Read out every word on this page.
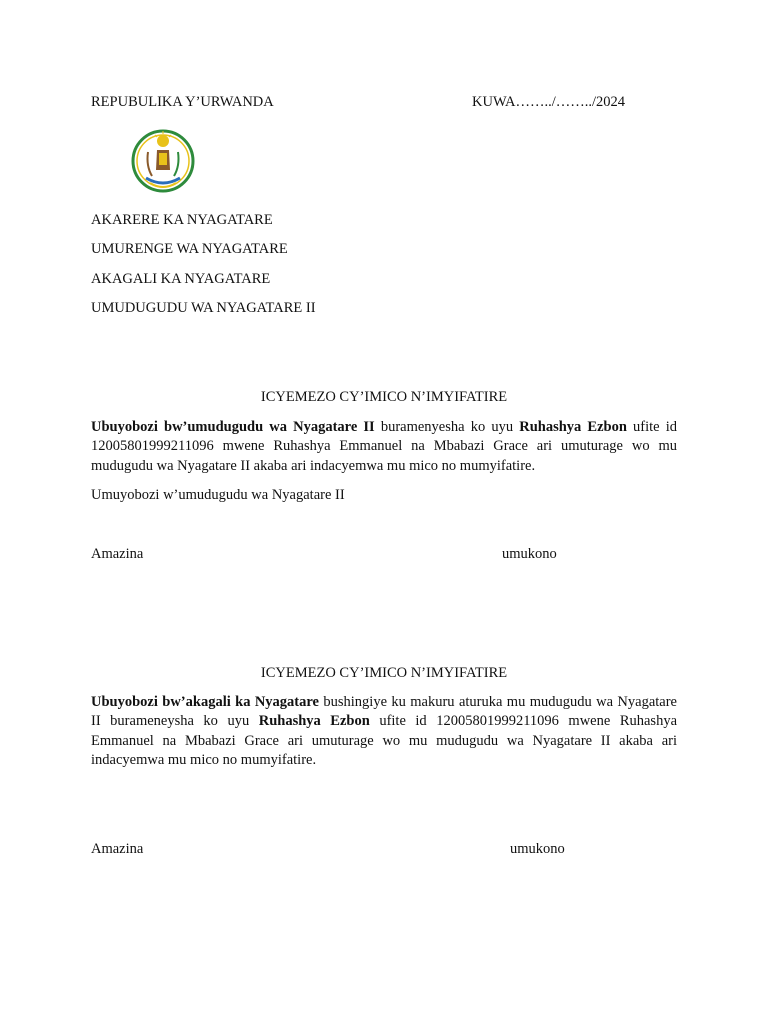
REPUBULIKA Y’URWANDA	KUWA……../……../2024
AKARERE KA NYAGATARE
UMURENGE WA NYAGATARE
AKAGALI KA NYAGATARE
UMUDUGUDU WA NYAGATARE II
ICYEMEZO CY’IMICO N’IMYIFATIRE
Ubuyobozi bw’umudugudu wa Nyagatare II buramenyesha ko uyu Ruhashya Ezbon ufite id 12005801999211096 mwene Ruhashya Emmanuel na Mbabazi Grace ari umuturage wo mu mudugudu wa Nyagatare II akaba ari indacyemwa mu mico no mumyifatire.
Umuyobozi w’umudugudu wa Nyagatare II
Amazina	umukono
ICYEMEZO CY’IMICO N’IMYIFATIRE
Ubuyobozi bw’akagali ka Nyagatare bushingiye ku makuru aturuka mu mudugudu wa Nyagatare II burameneysha ko uyu Ruhashya Ezbon ufite id 12005801999211096 mwene Ruhashya Emmanuel na Mbabazi Grace ari umuturage wo mu mudugudu wa Nyagatare II akaba ari indacyemwa mu mico no mumyifatire.
Amazina	umukono
